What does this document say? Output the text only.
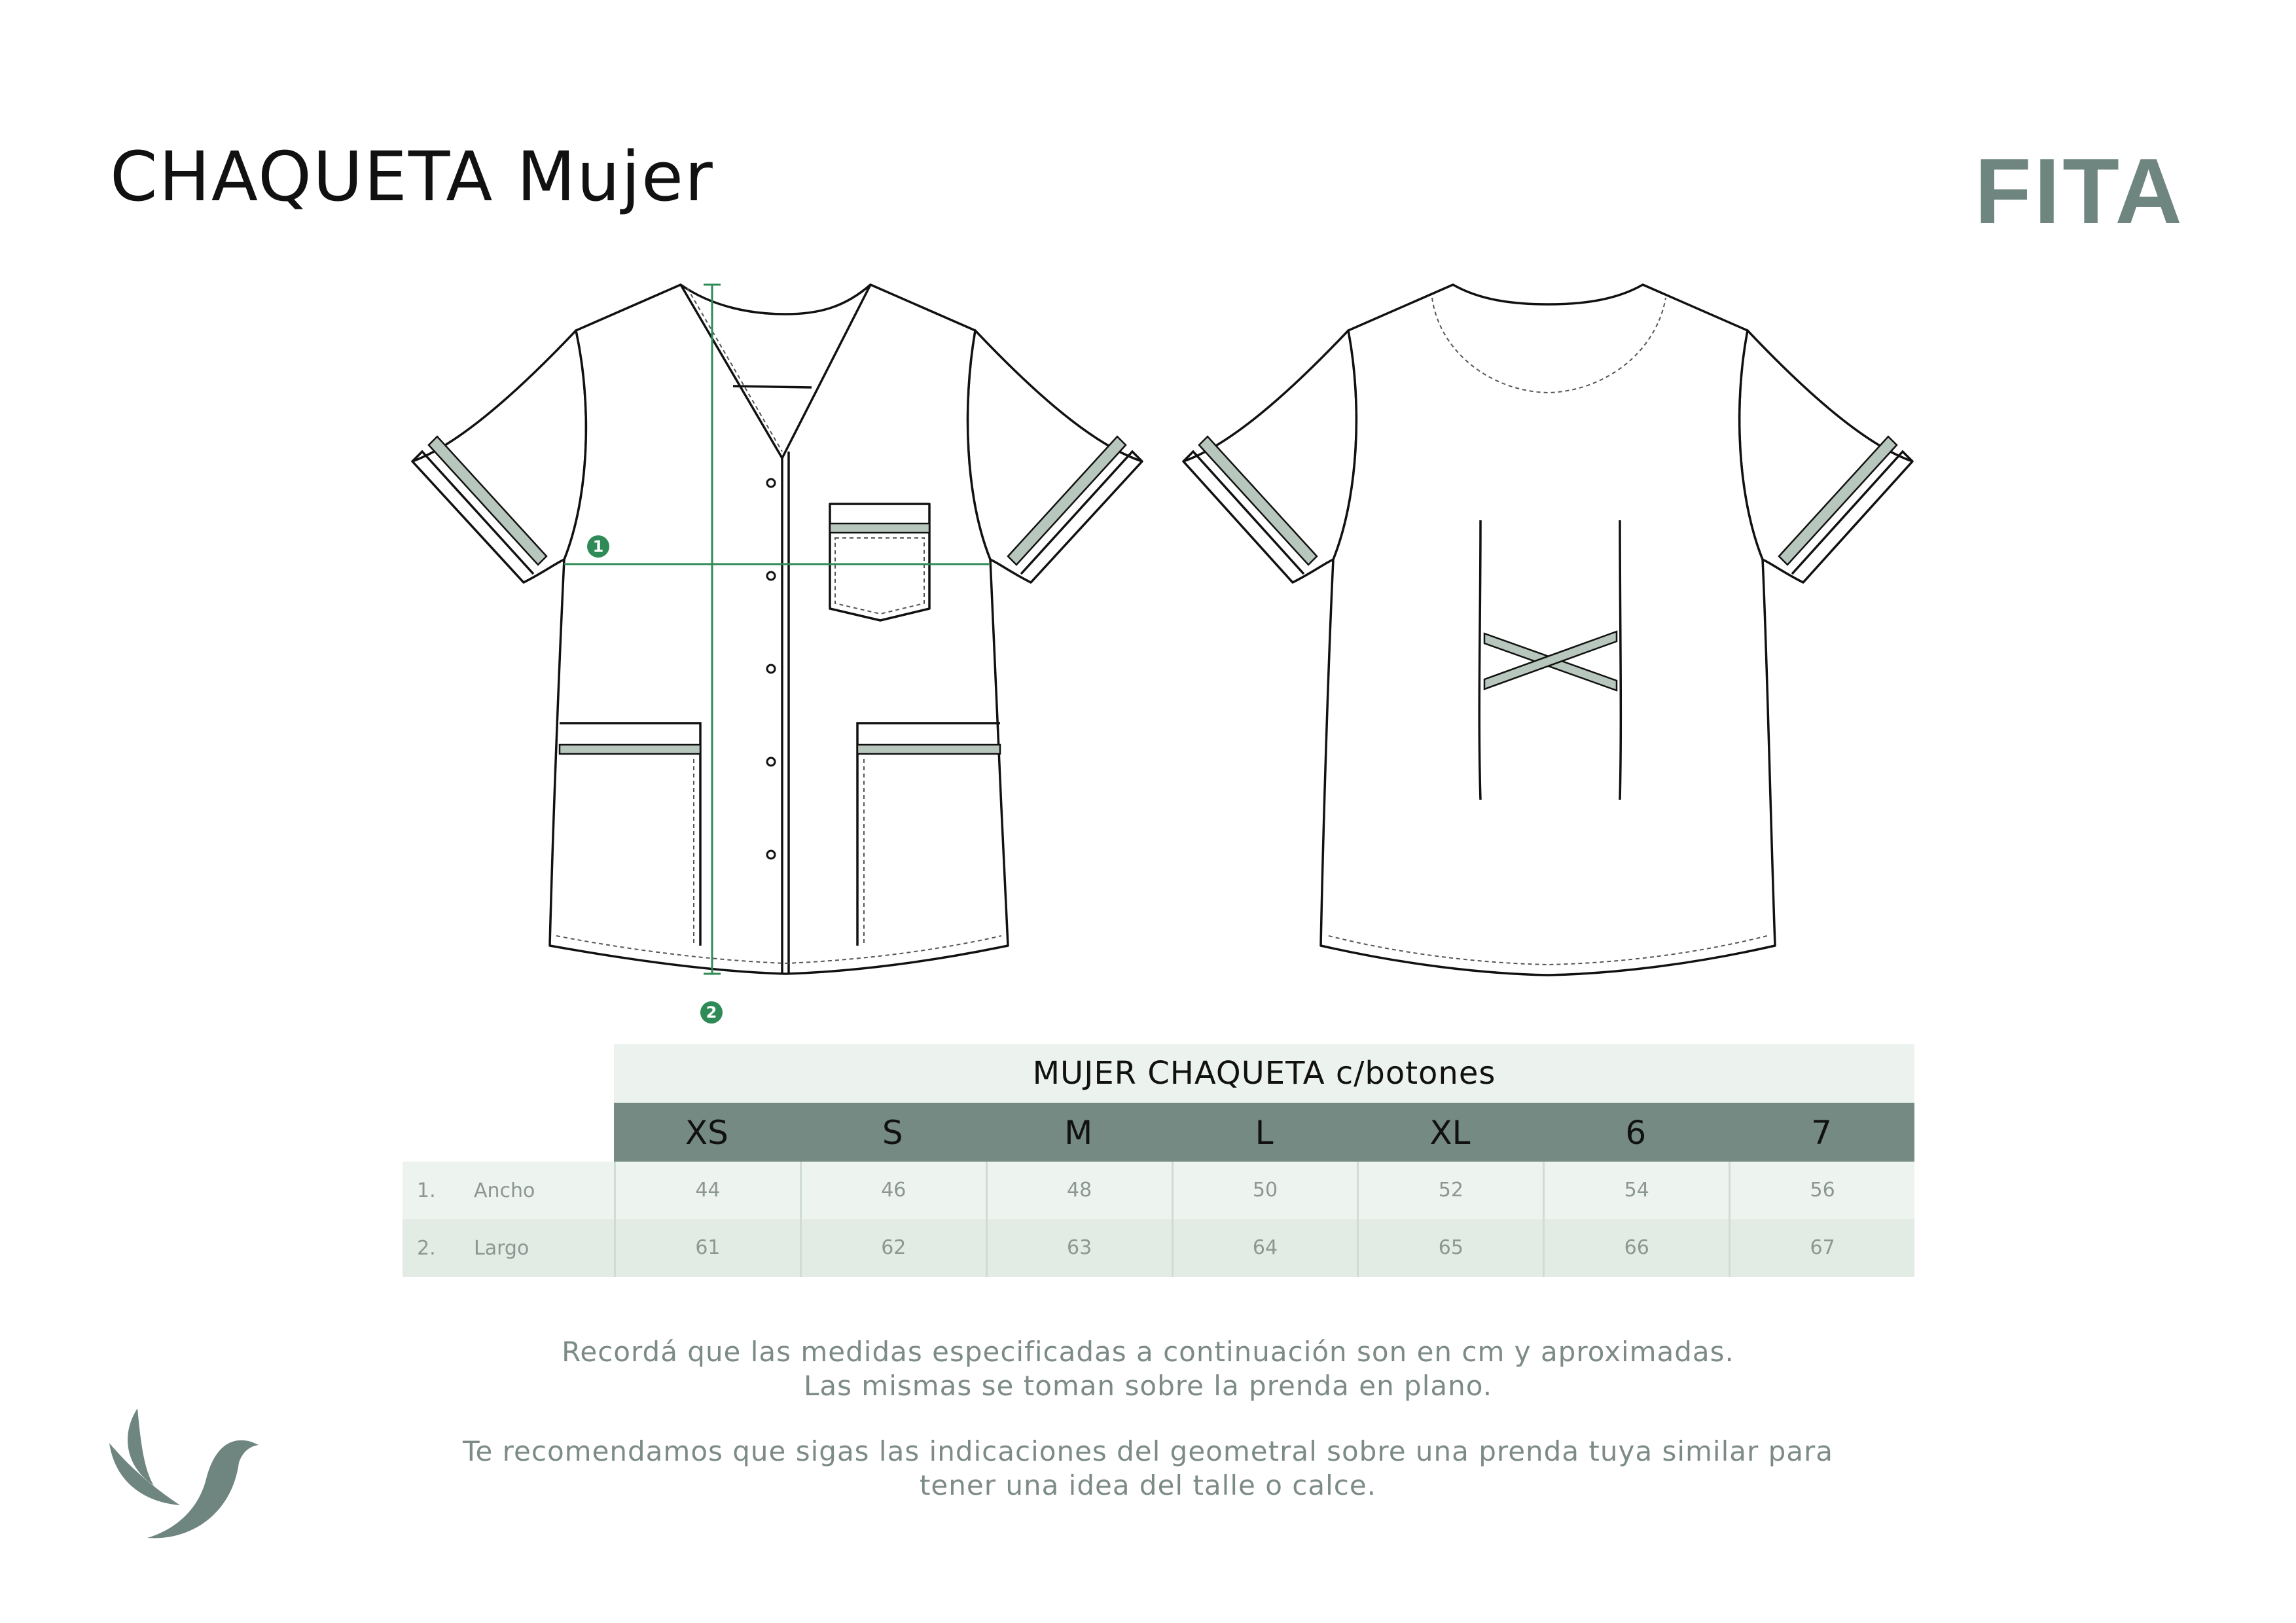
CHAQUETA Mujer	FITA
1
2
MUJER CHAQUETA c/botones
XS	S	M	L	XL	6	7
1.	Ancho	44	46	48	50	52	54	56
2.	Largo	61	62	63	64	65	66	67
Recordá que las medidas especificadas a continuación son en cm y aproximadas.
Las mismas se toman sobre la prenda en plano.
Te recomendamos que sigas las indicaciones del geometral sobre una prenda tuya similar para
tener una idea del talle o calce.
